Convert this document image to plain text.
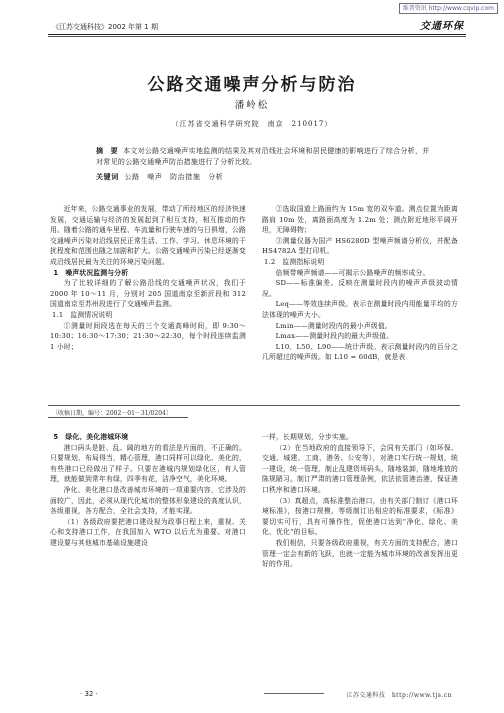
维普资讯 http://www.cqvip.com
《江苏交通科技》2002 年第 1 期	交通环保
公路交通噪声分析与防治
潘岭松
（江苏省交通科学研究院　南京　210017）
摘　要 本文对公路交通噪声实地监测的结果及其对沿线社会环境和居民健康的影响进行了综合分析，并对常见的公路交通噪声防治措施进行了分析比较。
关键词 公路　噪声　防治措施　分析

近年来，公路交通事业的发展，带动了所经地区的经济快速发展，交通运输与经济的发展起到了相互支持，相互推动的作用。随着公路的通车里程、车流量和行驶车速的与日俱增，公路交通噪声污染对沿线居民正常生活、工作、学习、休息环境的干扰程度和范围也随之加剧和扩大。公路交通噪声污染已经逐渐变成沿线居民最为关注的环境污染问题。

1　噪声状况监测与分析

为了比较详细的了解公路沿线的交通噪声状况，我们于 2000 年 10～11 月，分别对 205 国道南京至新沂段和 312 国道南京至苏州段进行了交通噪声监测。

1.1　监测情况说明

①测量时间段选在每天的三个交通高峰时间，即 9:30～10:30；16:30～17:30；21:30～22:30，每个时段连续监测 1 小时；

②选取国道上路面约为 15m 宽的双车道。测点位置为距离路肩 10m 处，离路面高度为 1.2m 处；测点附近地形平阔开坦，无障碍物；

③测量仪器为国产 HS6280D 型噪声频谱分析仪，并配备 HS4782A 型打印机。

1.2　监测指标说明

倍频带噪声频谱——可揭示公路噪声的频率成分。

SD——标准偏差。反映在测量时段内的噪声声级波动情况。

Leq——等效连续声级。表示在测量时段内用能量平均的方法体现的噪声大小。

Lmin——测量时段内的最小声级值。

Lmax——测量时段内的最大声级值。

L10、L50、L90——统计声级。表示测量时段内的百分之几所超过的噪声级。如 L10 = 60dB，就是表

〔收稿日期，编号：2002－01－31/0204〕
5　绿化、美化港城环境

港口码头是脏、乱、阔的地方的看法是片面的，不正确的。只要规划、布局得当，精心管理，港口同样可以绿化、美化的，有些港口已经做出了样子。只要在港城内规划绿化区，有人管理，就能做到常年有绿，四季有花，洁净空气，美化环境。

净化、美化港口是改善城市环境的一项重要内容，它涉及的面较广，因此，必须从现代化城市的整体形象建设的高度认识，各级重视，各方配合，全社会支持，才能实现。

（1）各级政府要把港口建设视为政事日程上来，重视、关心和支持港口工作，在我国加入 WTO 以后尤为重要。对港口建设要与其他城市基础设施建设

一样，长期规划，分步实施。

（2）在当地政府的直接领导下，会同有关部门（如环保、交通、城建、工商、港务、公安等），对港口实行统一规划，统一建设，统一管理，制止乱建货场码头，随地装卸，随地堆放的陈规陋习。制订严肃的港口管理条例，依法依管港治港，保证港口秩序和港口环境。

（3）真超点，高标准整治港口，由有关部门制订《港口环境标准》，按港口规模，等级制订出相应的标准要求，《标准》要切实可行，具有可操作性，促使港口达到“净化、绿化、美化、优化”的目标。

我们相信，只要各级政府重视，有关方面的支持配合，港口管理一定会有新的飞跃，也就一定能为城市环境的改善发挥出更好的作用。

· 32 ·	江苏交通科技　http://www.tjs.cn
